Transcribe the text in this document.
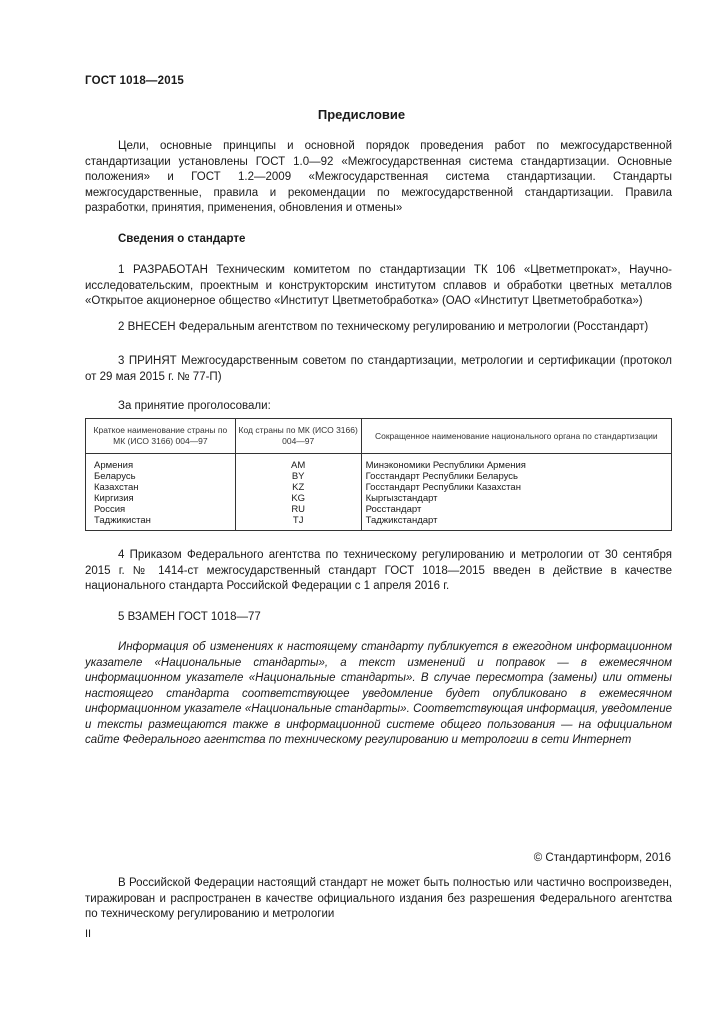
ГОСТ 1018—2015
Предисловие

Цели, основные принципы и основной порядок проведения работ по межгосударственной стандартизации установлены ГОСТ 1.0—92 «Межгосударственная система стандартизации. Основные положения» и ГОСТ 1.2—2009 «Межгосударственная система стандартизации. Стандарты межгосударственные, правила и рекомендации по межгосударственной стандартизации. Правила разработки, принятия, применения, обновления и отмены»

Сведения о стандарте

1 РАЗРАБОТАН Техническим комитетом по стандартизации ТК 106 «Цветметпрокат», Научно-исследовательским, проектным и конструкторским институтом сплавов и обработки цветных металлов «Открытое акционерное общество «Институт Цветметобработка» (ОАО «Институт Цветметобработка»)

2 ВНЕСЕН Федеральным агентством по техническому регулированию и метрологии (Росстандарт)

3 ПРИНЯТ Межгосударственным советом по стандартизации, метрологии и сертификации (протокол от 29 мая 2015 г. № 77-П)

За принятие проголосовали:
Краткое наименование страны по МК (ИСО 3166) 004—97	Код страны по МК (ИСО 3166) 004—97	Сокращенное наименование национального органа по стандартизации
Армения	AM	Минэкономики Республики Армения
Беларусь	BY	Госстандарт Республики Беларусь
Казахстан	KZ	Госстандарт Республики Казахстан
Киргизия	KG	Кыргызстандарт
Россия	RU	Росстандарт
Таджикистан	TJ	Таджикстандарт

4 Приказом Федерального агентства по техническому регулированию и метрологии от 30 сентября 2015 г. № 1414-ст межгосударственный стандарт ГОСТ 1018—2015 введен в действие в качестве национального стандарта Российской Федерации с 1 апреля 2016 г.

5 ВЗАМЕН ГОСТ 1018—77

Информация об изменениях к настоящему стандарту публикуется в ежегодном информационном указателе «Национальные стандарты», а текст изменений и поправок — в ежемесячном информационном указателе «Национальные стандарты». В случае пересмотра (замены) или отмены настоящего стандарта соответствующее уведомление будет опубликовано в ежемесячном информационном указателе «Национальные стандарты». Соответствующая информация, уведомление и тексты размещаются также в информационной системе общего пользования — на официальном сайте Федерального агентства по техническому регулированию и метрологии в сети Интернет

© Стандартинформ, 2016

В Российской Федерации настоящий стандарт не может быть полностью или частично воспроизведен, тиражирован и распространен в качестве официального издания без разрешения Федерального агентства по техническому регулированию и метрологии

II
